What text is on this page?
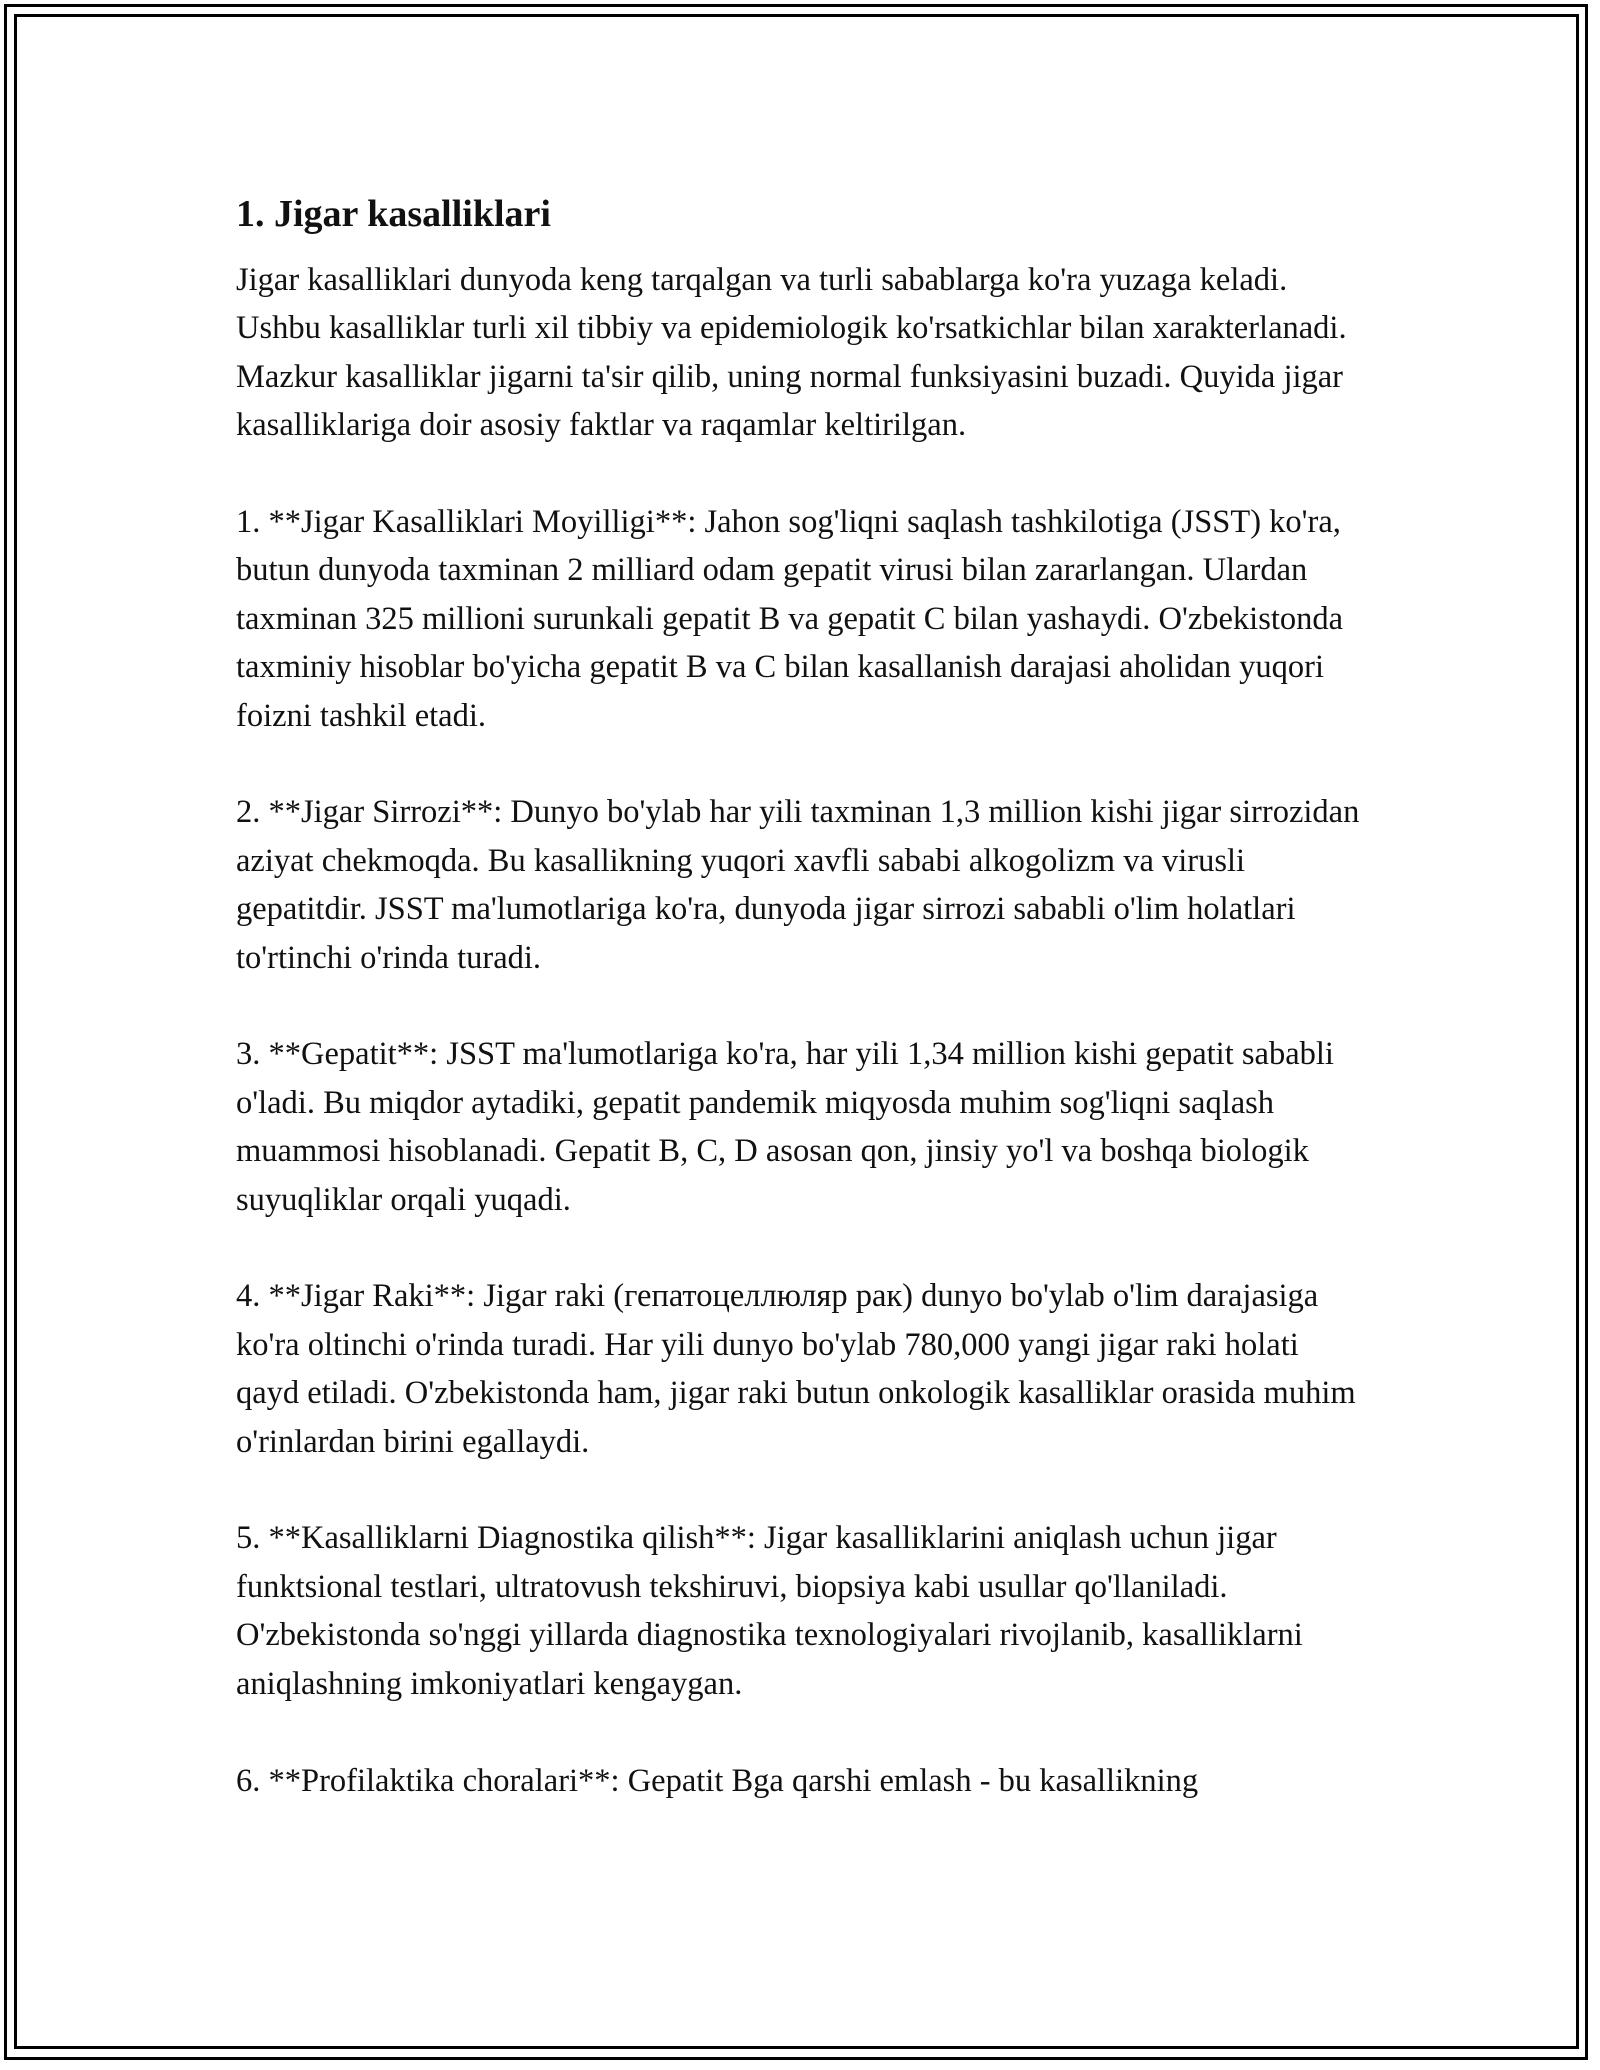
1. Jigar kasalliklari

Jigar kasalliklari dunyoda keng tarqalgan va turli sabablarga ko'ra yuzaga keladi. Ushbu kasalliklar turli xil tibbiy va epidemiologik ko'rsatkichlar bilan xarakterlanadi. Mazkur kasalliklar jigarni ta'sir qilib, uning normal funksiyasini buzadi. Quyida jigar kasalliklariga doir asosiy faktlar va raqamlar keltirilgan.

1. **Jigar Kasalliklari Moyilligi**: Jahon sog'liqni saqlash tashkilotiga (JSST) ko'ra, butun dunyoda taxminan 2 milliard odam gepatit virusi bilan zararlangan. Ulardan taxminan 325 millioni surunkali gepatit B va gepatit C bilan yashaydi. O'zbekistonda taxminiy hisoblar bo'yicha gepatit B va C bilan kasallanish darajasi aholidan yuqori foizni tashkil etadi.

2. **Jigar Sirrozi**: Dunyo bo'ylab har yili taxminan 1,3 million kishi jigar sirrozidan aziyat chekmoqda. Bu kasallikning yuqori xavfli sababi alkogolizm va virusli gepatitdir. JSST ma'lumotlariga ko'ra, dunyoda jigar sirrozi sababli o'lim holatlari to'rtinchi o'rinda turadi.

3. **Gepatit**: JSST ma'lumotlariga ko'ra, har yili 1,34 million kishi gepatit sababli o'ladi. Bu miqdor aytadiki, gepatit pandemik miqyosda muhim sog'liqni saqlash muammosi hisoblanadi. Gepatit B, C, D asosan qon, jinsiy yo'l va boshqa biologik suyuqliklar orqali yuqadi.

4. **Jigar Raki**: Jigar raki (гепатоцеллюляр рак) dunyo bo'ylab o'lim darajasiga ko'ra oltinchi o'rinda turadi. Har yili dunyo bo'ylab 780,000 yangi jigar raki holati qayd etiladi. O'zbekistonda ham, jigar raki butun onkologik kasalliklar orasida muhim o'rinlardan birini egallaydi.

5. **Kasalliklarni Diagnostika qilish**: Jigar kasalliklarini aniqlash uchun jigar funktsional testlari, ultratovush tekshiruvi, biopsiya kabi usullar qo'llaniladi. O'zbekistonda so'nggi yillarda diagnostika texnologiyalari rivojlanib, kasalliklarni aniqlashning imkoniyatlari kengaygan.

6. **Profilaktika choralari**: Gepatit Bga qarshi emlash - bu kasallikning
